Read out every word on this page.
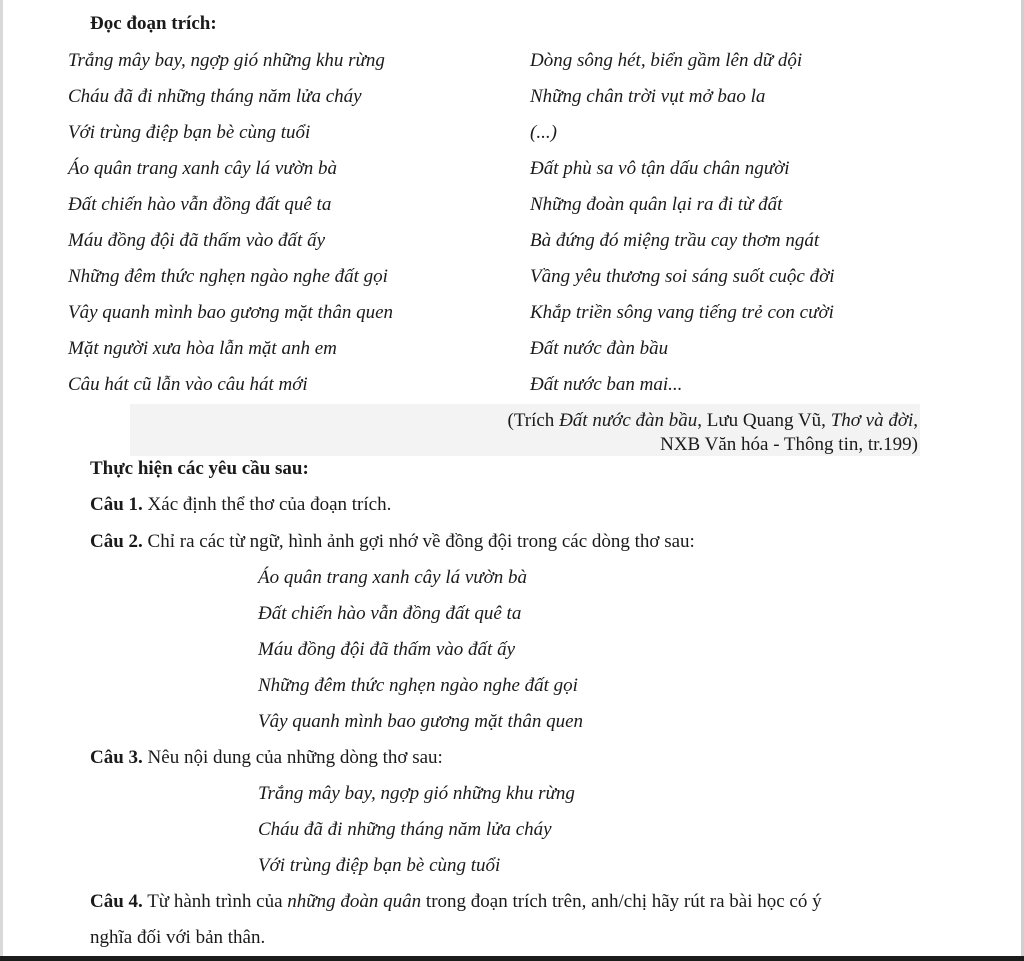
Đọc đoạn trích:
Trắng mây bay, ngợp gió những khu rừng
Cháu đã đi những tháng năm lửa cháy
Với trùng điệp bạn bè cùng tuổi
Áo quân trang xanh cây lá vườn bà
Đất chiến hào vẫn đồng đất quê ta
Máu đồng đội đã thấm vào đất ấy
Những đêm thức nghẹn ngào nghe đất gọi
Vây quanh mình bao gương mặt thân quen
Mặt người xưa hòa lẫn mặt anh em
Câu hát cũ lẫn vào câu hát mới
Dòng sông hét, biển gầm lên dữ dội
Những chân trời vụt mở bao la
(...)
Đất phù sa vô tận dấu chân người
Những đoàn quân lại ra đi từ đất
Bà đứng đó miệng trầu cay thơm ngát
Vầng yêu thương soi sáng suốt cuộc đời
Khắp triền sông vang tiếng trẻ con cười
Đất nước đàn bầu
Đất nước ban mai...
(Trích Đất nước đàn bầu, Lưu Quang Vũ, Thơ và đời,
NXB Văn hóa - Thông tin, tr.199)
Thực hiện các yêu cầu sau:
Câu 1. Xác định thể thơ của đoạn trích.
Câu 2. Chỉ ra các từ ngữ, hình ảnh gợi nhớ về đồng đội trong các dòng thơ sau:
Áo quân trang xanh cây lá vườn bà
Đất chiến hào vẫn đồng đất quê ta
Máu đồng đội đã thấm vào đất ấy
Những đêm thức nghẹn ngào nghe đất gọi
Vây quanh mình bao gương mặt thân quen
Câu 3. Nêu nội dung của những dòng thơ sau:
Trắng mây bay, ngợp gió những khu rừng
Cháu đã đi những tháng năm lửa cháy
Với trùng điệp bạn bè cùng tuổi
Câu 4. Từ hành trình của những đoàn quân trong đoạn trích trên, anh/chị hãy rút ra bài học có ý
nghĩa đối với bản thân.
